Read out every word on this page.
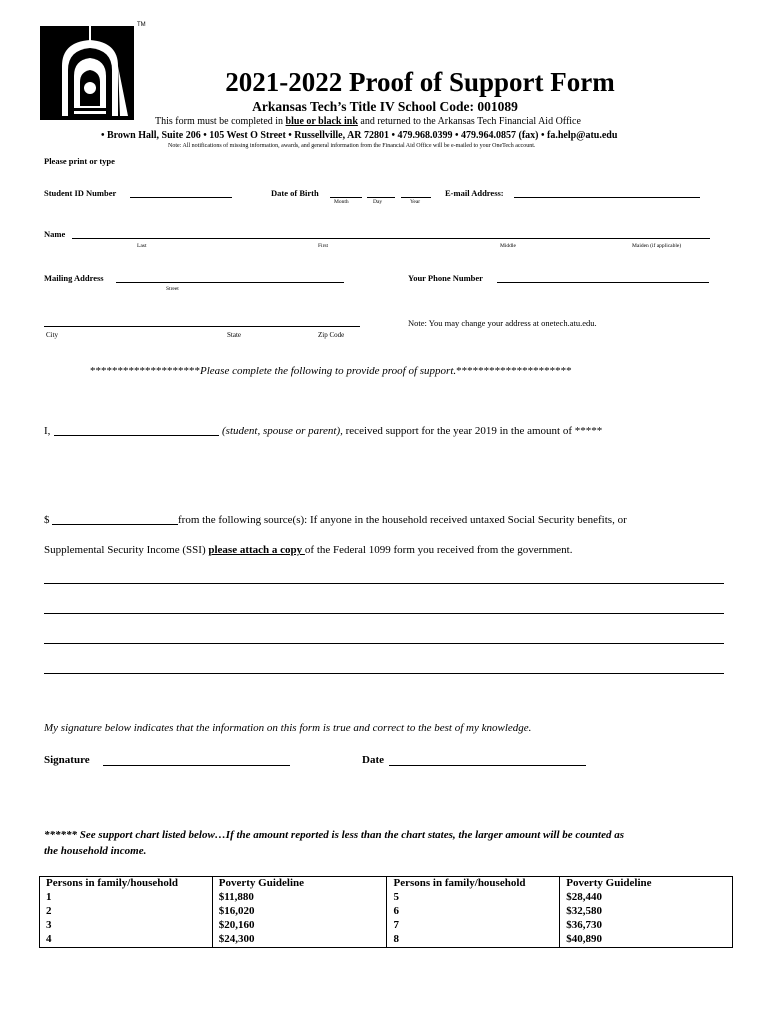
TM
2021-2022 Proof of Support Form
Arkansas Tech’s Title IV School Code: 001089
This form must be completed in blue or black ink and returned to the Arkansas Tech Financial Aid Office
• Brown Hall, Suite 206 • 105 West O Street • Russellville, AR 72801 • 479.968.0399 • 479.964.0857 (fax) • fa.help@atu.edu
Note: All notifications of missing information, awards, and general information from the Financial Aid Office will be e-mailed to your OneTech account.
Please print or type
Student ID Number	Date of Birth
Month	Day	Year
E-mail Address:
Name
Last	First	Middle	Maiden (if applicable)
Mailing Address
Street
Your Phone Number
City	State	Zip Code
Note: You may change your address at onetech.atu.edu.
********************Please complete the following to provide proof of support.*********************
I,	(student, spouse or parent), received support for the year 2019 in the amount of *****
$	from the following source(s): If anyone in the household received untaxed Social Security benefits, or
Supplemental Security Income (SSI) please attach a copy of the Federal 1099 form you received from the government.
My signature below indicates that the information on this form is true and correct to the best of my knowledge.
Signature	Date
****** See support chart listed below…If the amount reported is less than the chart states, the larger amount will be counted as
the household income.
Persons in family/household	Poverty Guideline	Persons in family/household	Poverty Guideline
1	$11,880	5	$28,440
2	$16,020	6	$32,580
3	$20,160	7	$36,730
4	$24,300	8	$40,890
